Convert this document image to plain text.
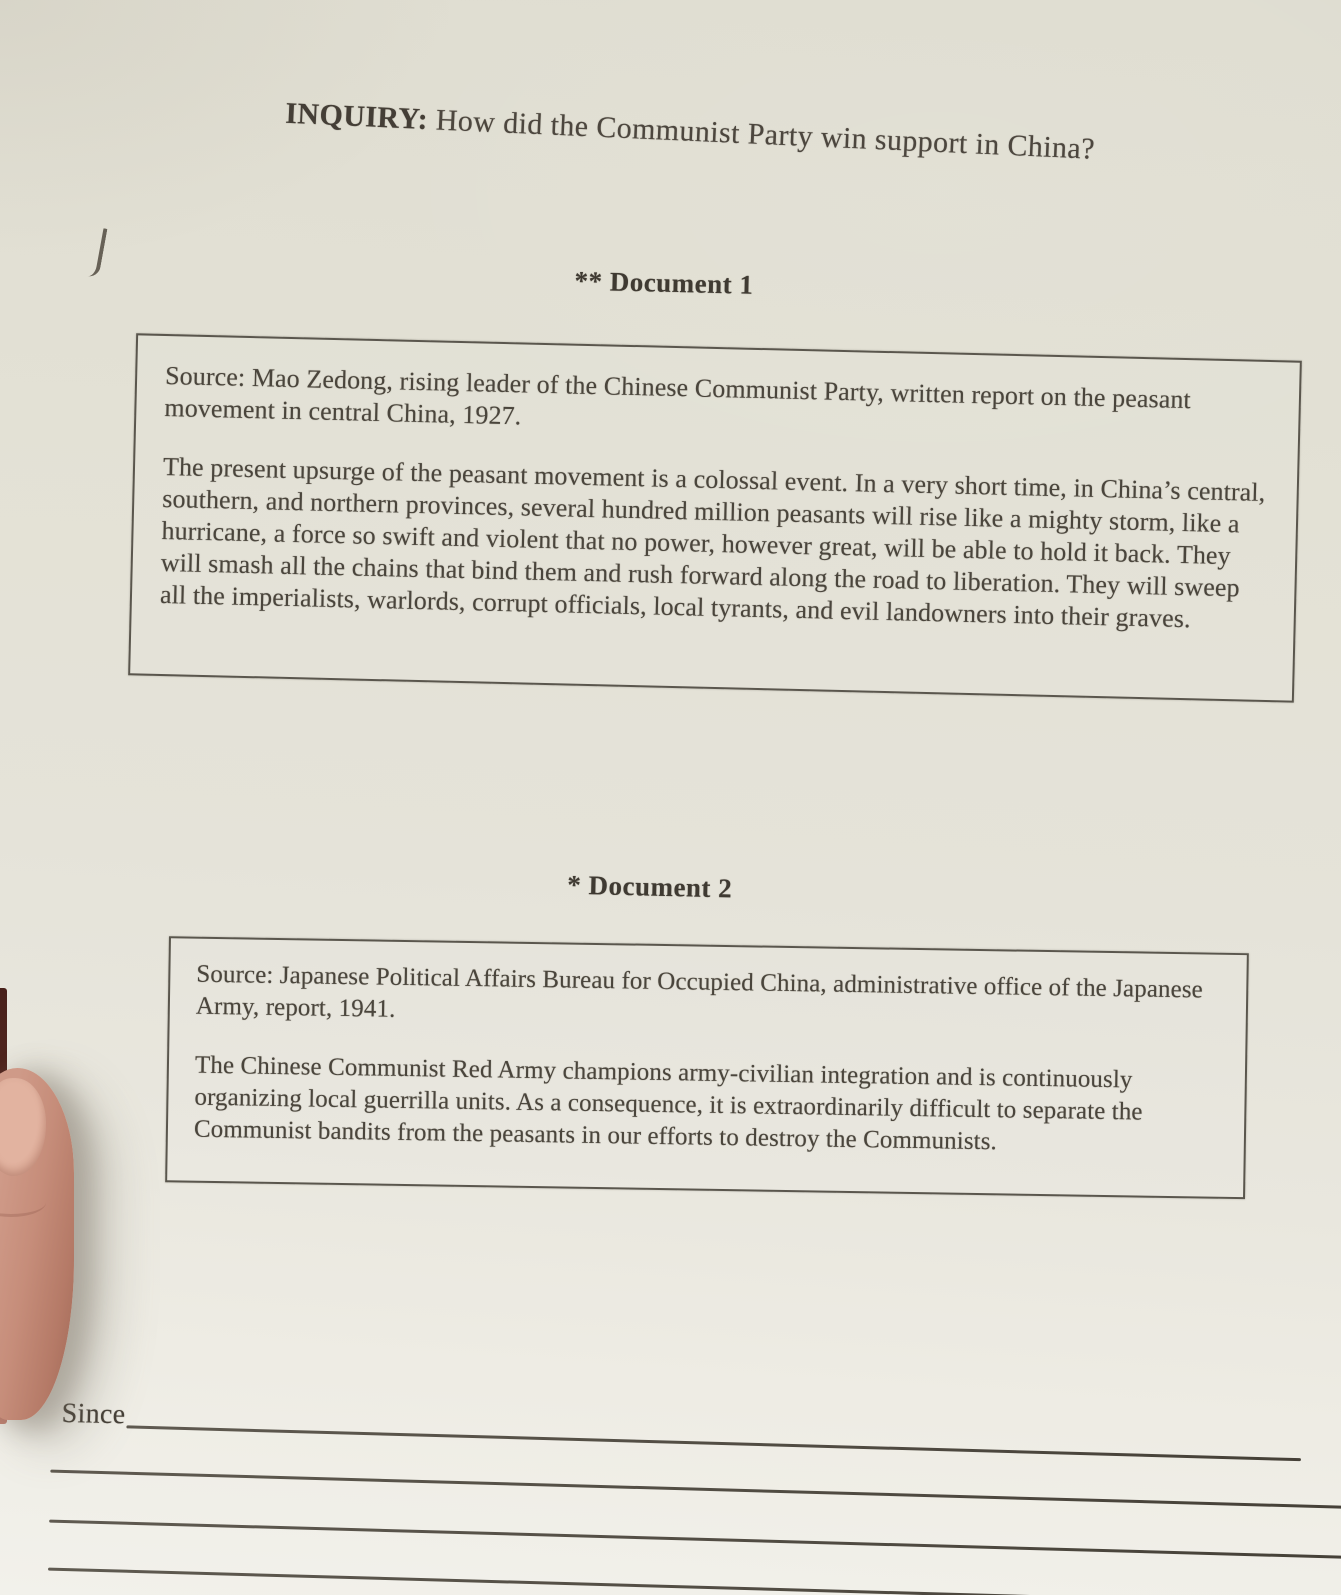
INQUIRY: How did the Communist Party win support in China?
** Document 1

Source: Mao Zedong, rising leader of the Chinese Communist Party, written report on the peasant movement in central China, 1927.

The present upsurge of the peasant movement is a colossal event. In a very short time, in China’s central, southern, and northern provinces, several hundred million peasants will rise like a mighty storm, like a hurricane, a force so swift and violent that no power, however great, will be able to hold it back. They will smash all the chains that bind them and rush forward along the road to liberation. They will sweep all the imperialists, warlords, corrupt officials, local tyrants, and evil landowners into their graves.

* Document 2

Source: Japanese Political Affairs Bureau for Occupied China, administrative office of the Japanese Army, report, 1941.

The Chinese Communist Red Army champions army-civilian integration and is continuously organizing local guerrilla units. As a consequence, it is extraordinarily difficult to separate the Communist bandits from the peasants in our efforts to destroy the Communists.

Since
